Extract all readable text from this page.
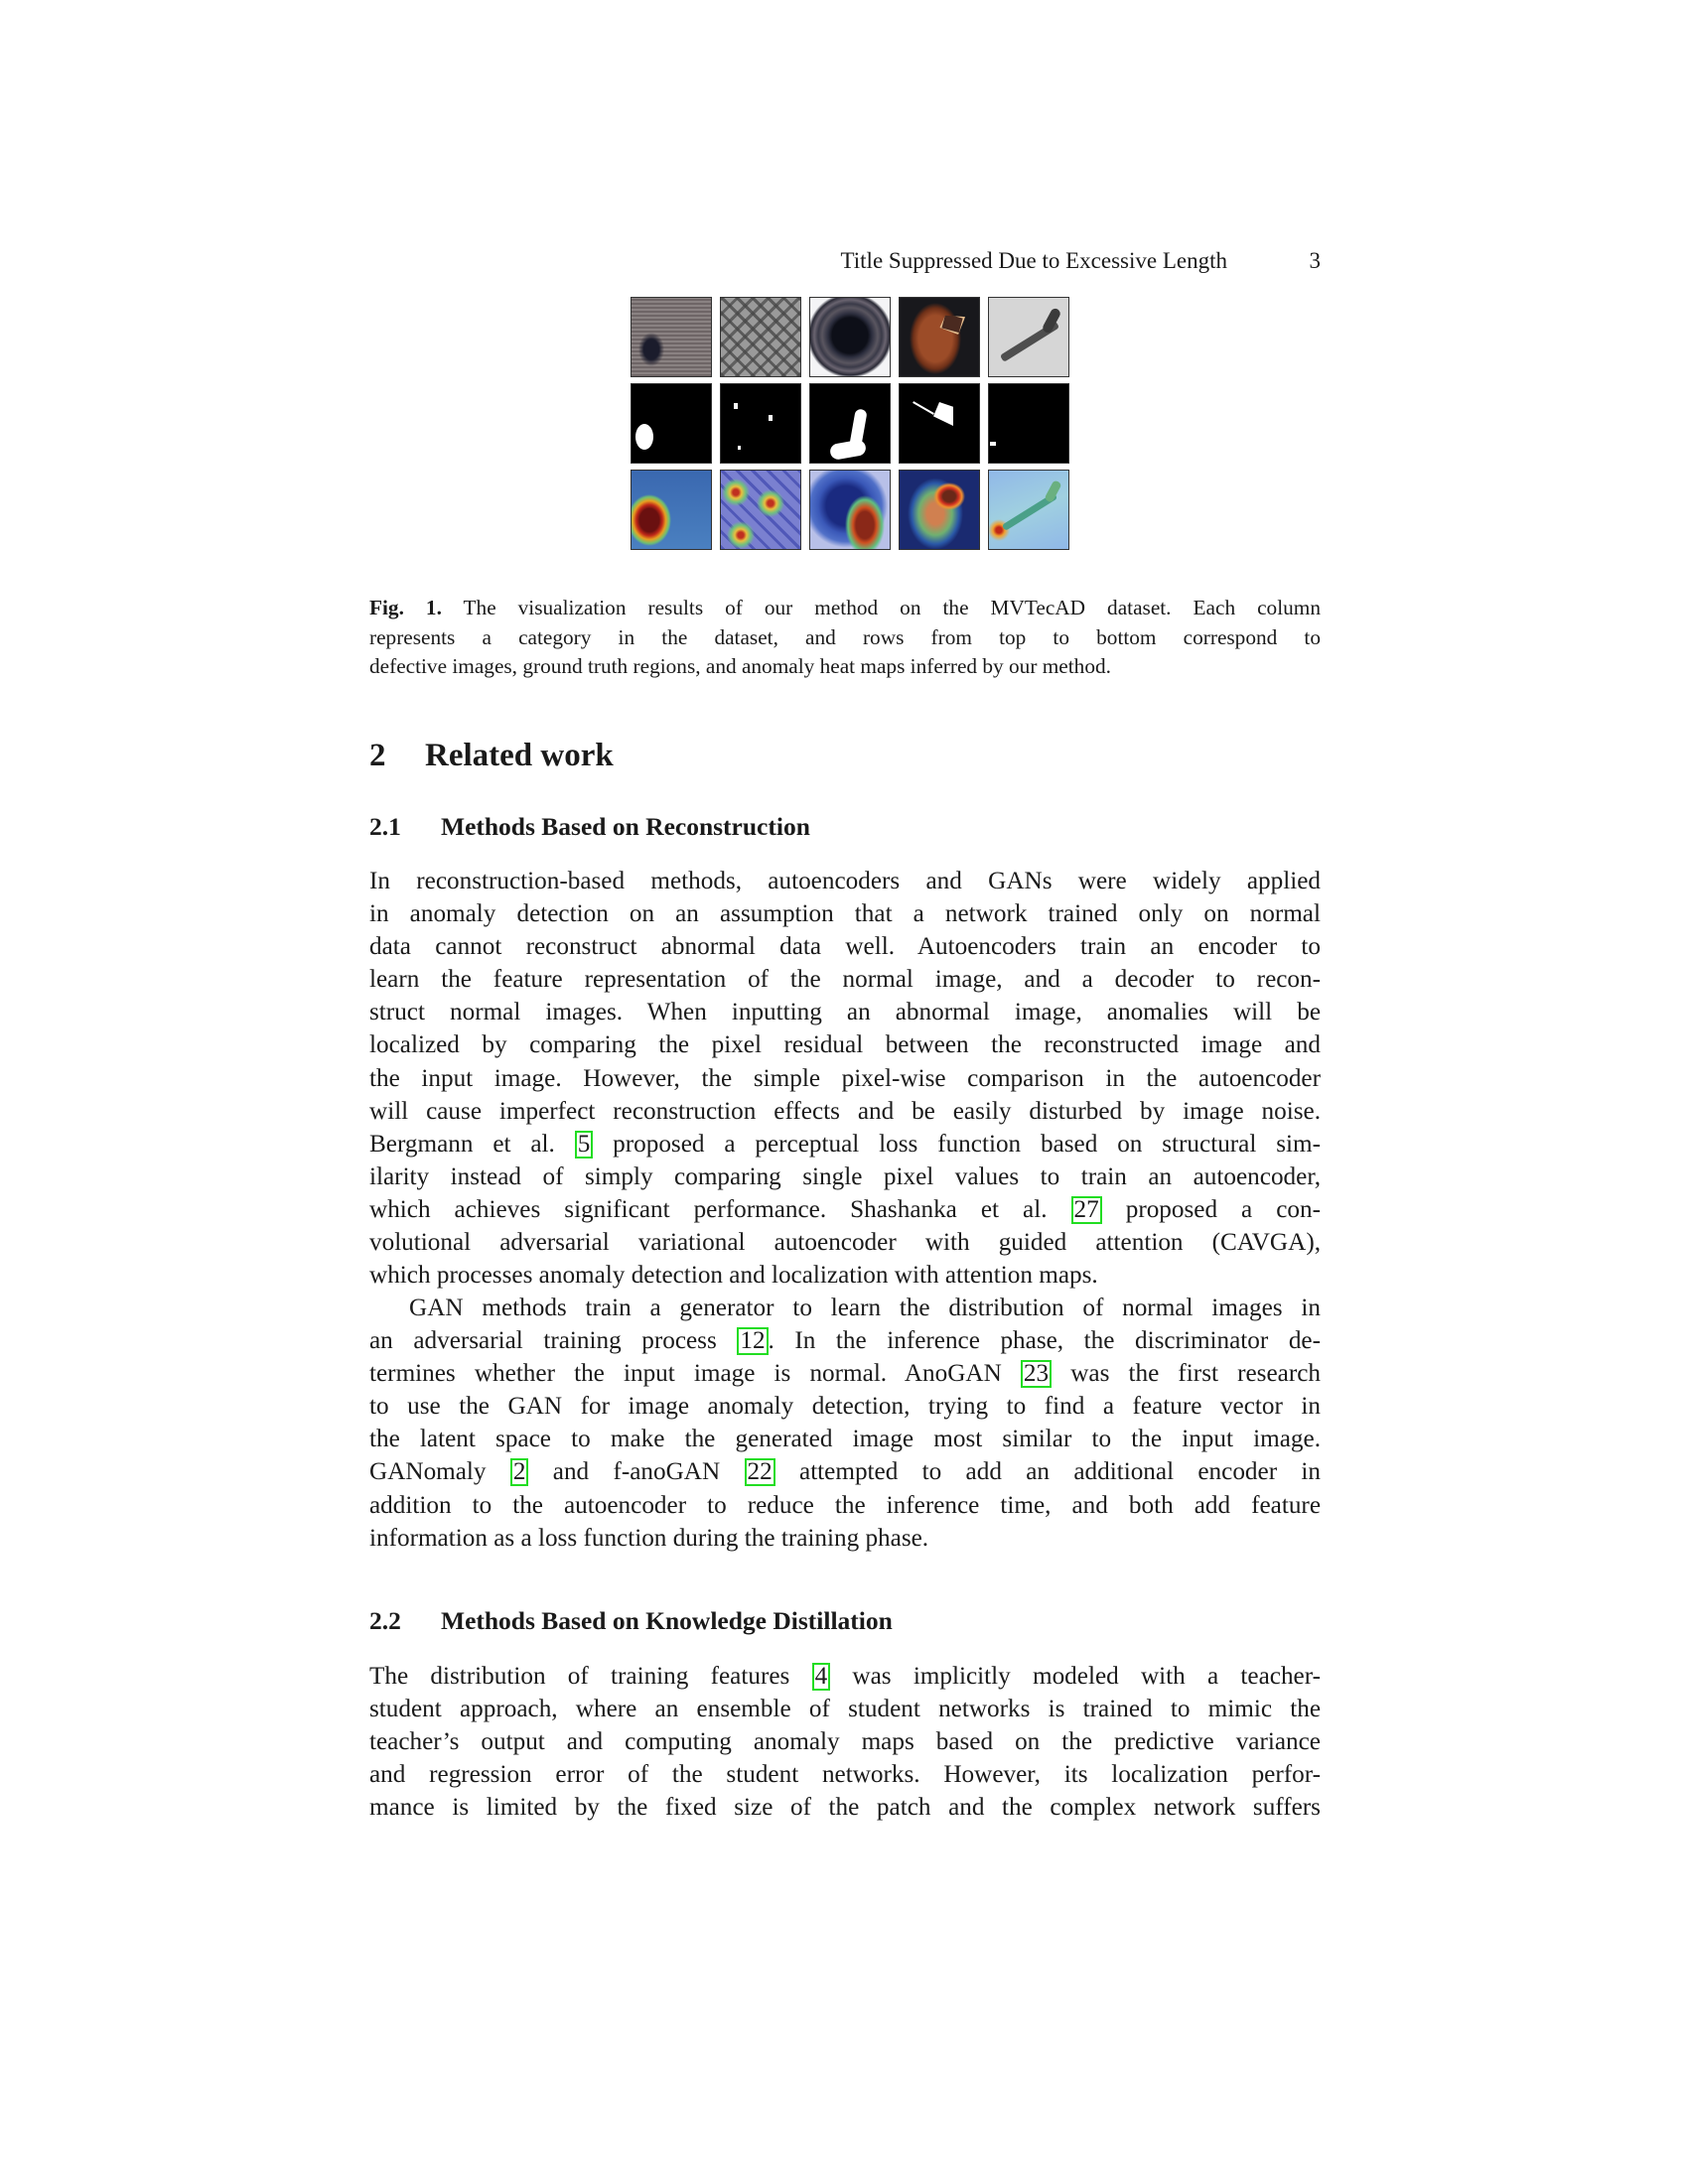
Title Suppressed Due to Excessive Length	3
Fig. 1. The visualization results of our method on the MVTecAD dataset. Each column
represents a category in the dataset, and rows from top to bottom correspond to
defective images, ground truth regions, and anomaly heat maps inferred by our method.
2 Related work
2.1 Methods Based on Reconstruction
In reconstruction-based methods, autoencoders and GANs were widely applied
in anomaly detection on an assumption that a network trained only on normal
data cannot reconstruct abnormal data well. Autoencoders train an encoder to
learn the feature representation of the normal image, and a decoder to recon-
struct normal images. When inputting an abnormal image, anomalies will be
localized by comparing the pixel residual between the reconstructed image and
the input image. However, the simple pixel-wise comparison in the autoencoder
will cause imperfect reconstruction effects and be easily disturbed by image noise.
Bergmann et al. 5 proposed a perceptual loss function based on structural sim-
ilarity instead of simply comparing single pixel values to train an autoencoder,
which achieves significant performance. Shashanka et al. 27 proposed a con-
volutional adversarial variational autoencoder with guided attention (CAVGA),
which processes anomaly detection and localization with attention maps.
GAN methods train a generator to learn the distribution of normal images in
an adversarial training process 12 . In the inference phase, the discriminator de-
termines whether the input image is normal. AnoGAN 23 was the first research
to use the GAN for image anomaly detection, trying to find a feature vector in
the latent space to make the generated image most similar to the input image.
GANomaly 2 and f-anoGAN 22 attempted to add an additional encoder in
addition to the autoencoder to reduce the inference time, and both add feature
information as a loss function during the training phase.
2.2 Methods Based on Knowledge Distillation
The distribution of training features 4 was implicitly modeled with a teacher-
student approach, where an ensemble of student networks is trained to mimic the
teacher’s output and computing anomaly maps based on the predictive variance
and regression error of the student networks. However, its localization perfor-
mance is limited by the fixed size of the patch and the complex network suffers
